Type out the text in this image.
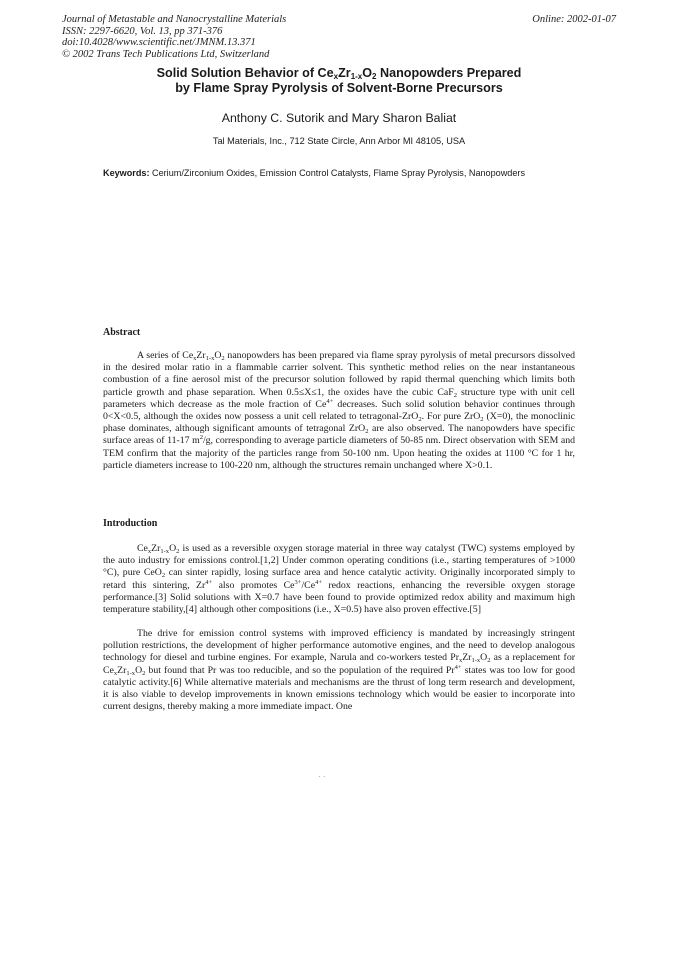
Journal of Metastable and Nanocrystalline Materials
ISSN: 2297-6620, Vol. 13, pp 371-376
doi:10.4028/www.scientific.net/JMNM.13.371
© 2002 Trans Tech Publications Ltd, Switzerland
Online: 2002-01-07
Solid Solution Behavior of $Ce_xZr_{1-x}O_2$ Nanopowders Prepared
by Flame Spray Pyrolysis of Solvent-Borne Precursors
Anthony C. Sutorik and Mary Sharon Baliat
Tal Materials, Inc., 712 State Circle, Ann Arbor MI 48105, USA
Keywords: Cerium/Zirconium Oxides, Emission Control Catalysts, Flame Spray Pyrolysis, Nanopowders
Abstract
A series of $Ce_xZr_{1-x}O_2$ nanopowders has been prepared via flame spray pyrolysis of metal precursors dissolved in the desired molar ratio in a flammable carrier solvent. This synthetic method relies on the near instantaneous combustion of a fine aerosol mist of the precursor solution followed by rapid thermal quenching which limits both particle growth and phase separation. When 0.5≤X≤1, the oxides have the cubic CaF$_2$ structure type with unit cell parameters which decrease as the mole fraction of $Ce^{4+}$ decreases. Such solid solution behavior continues through 0<X<0.5, although the oxides now possess a unit cell related to tetragonal-ZrO$_2$. For pure ZrO$_2$ (X=0), the monoclinic phase dominates, although significant amounts of tetragonal ZrO$_2$ are also observed. The nanopowders have specific surface areas of 11-17 $m^2/g$, corresponding to average particle diameters of 50-85 nm. Direct observation with SEM and TEM confirm that the majority of the particles range from 50-100 nm. Upon heating the oxides at 1100 °C for 1 hr, particle diameters increase to 100-220 nm, although the structures remain unchanged where X>0.1.
Introduction
$Ce_xZr_{1-x}O_2$ is used as a reversible oxygen storage material in three way catalyst (TWC) systems employed by the auto industry for emissions control.[1,2] Under common operating conditions (i.e., starting temperatures of >1000 °C), pure CeO$_2$ can sinter rapidly, losing surface area and hence catalytic activity. Originally incorporated simply to retard this sintering, $Zr^{4+}$ also promotes $Ce^{3+}/Ce^{4+}$ redox reactions, enhancing the reversible oxygen storage performance.[3] Solid solutions with X=0.7 have been found to provide optimized redox ability and maximum high temperature stability,[4] although other compositions (i.e., X=0.5) have also proven effective.[5]
The drive for emission control systems with improved efficiency is mandated by increasingly stringent pollution restrictions, the development of higher performance automotive engines, and the need to develop analogous technology for diesel and turbine engines. For example, Narula and co-workers tested $Pr_xZr_{1-x}O_2$ as a replacement for $Ce_xZr_{1-x}O_2$ but found that Pr was too reducible, and so the population of the required $Pr^{4+}$ states was too low for good catalytic activity.[6] While alternative materials and mechanisms are the thrust of long term research and development, it is also viable to develop improvements in known emissions technology which would be easier to incorporate into current designs, thereby making a more immediate impact. One
· ·
